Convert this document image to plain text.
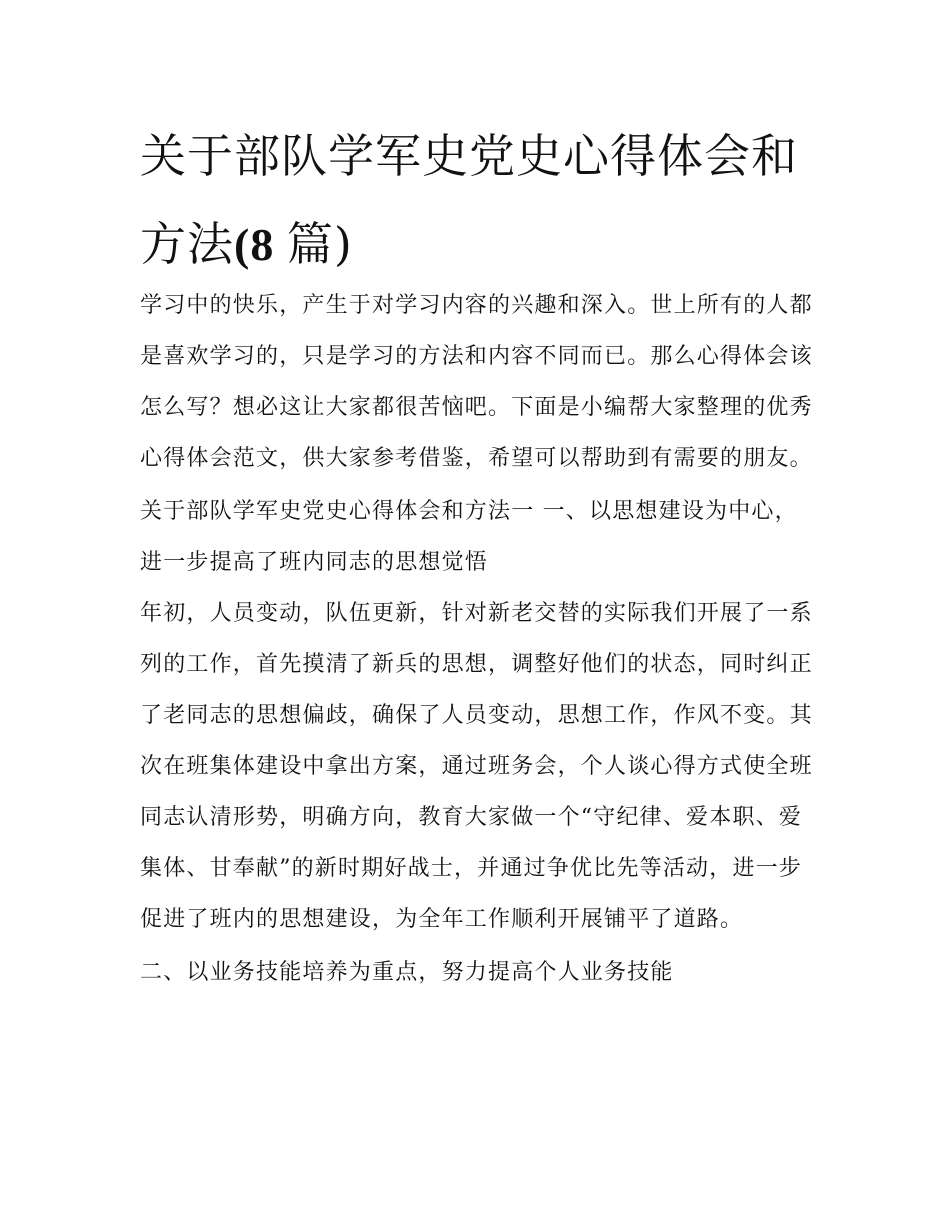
关于部队学军史党史心得体会和方法(8 篇)

学习中的快乐，产生于对学习内容的兴趣和深入。世上所有的人都是喜欢学习的，只是学习的方法和内容不同而已。那么心得体会该怎么写？想必这让大家都很苦恼吧。下面是小编帮大家整理的优秀心得体会范文，供大家参考借鉴，希望可以帮助到有需要的朋友。

关于部队学军史党史心得体会和方法一 一、以思想建设为中心，进一步提高了班内同志的思想觉悟

年初，人员变动，队伍更新，针对新老交替的实际我们开展了一系列的工作，首先摸清了新兵的思想，调整好他们的状态，同时纠正了老同志的思想偏歧，确保了人员变动，思想工作，作风不变。其次在班集体建设中拿出方案，通过班务会，个人谈心得方式使全班同志认清形势，明确方向，教育大家做一个“守纪律、爱本职、爱集体、甘奉献”的新时期好战士，并通过争优比先等活动，进一步促进了班内的思想建设，为全年工作顺利开展铺平了道路。

二、以业务技能培养为重点，努力提高个人业务技能
